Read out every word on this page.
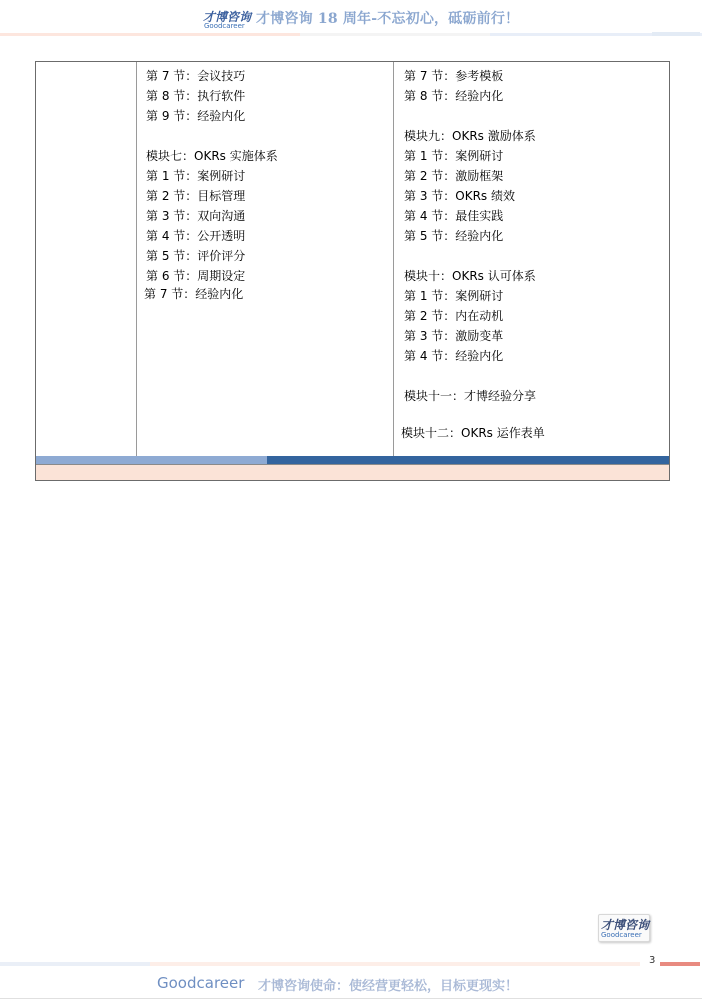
才博咨询
Goodcareer 才博咨询 18 周年-不忘初心，砥砺前行！
第 7 节：会议技巧
第 8 节：执行软件
第 9 节：经验内化
模块七：OKRs 实施体系
第 1 节：案例研讨
第 2 节：目标管理
第 3 节：双向沟通
第 4 节：公开透明
第 5 节：评价评分
第 6 节：周期设定
第 7 节：经验内化
第 7 节：参考模板
第 8 节：经验内化
模块九：OKRs 激励体系
第 1 节：案例研讨
第 2 节：激励框架
第 3 节：OKRs 绩效
第 4 节：最佳实践
第 5 节：经验内化
模块十：OKRs 认可体系
第 1 节：案例研讨
第 2 节：内在动机
第 3 节：激励变革
第 4 节：经验内化
模块十一：才博经验分享
模块十二：OKRs 运作表单
才博咨询
Goodcareer
3
Goodcareer 才博咨询使命：使经营更轻松，目标更现实！
